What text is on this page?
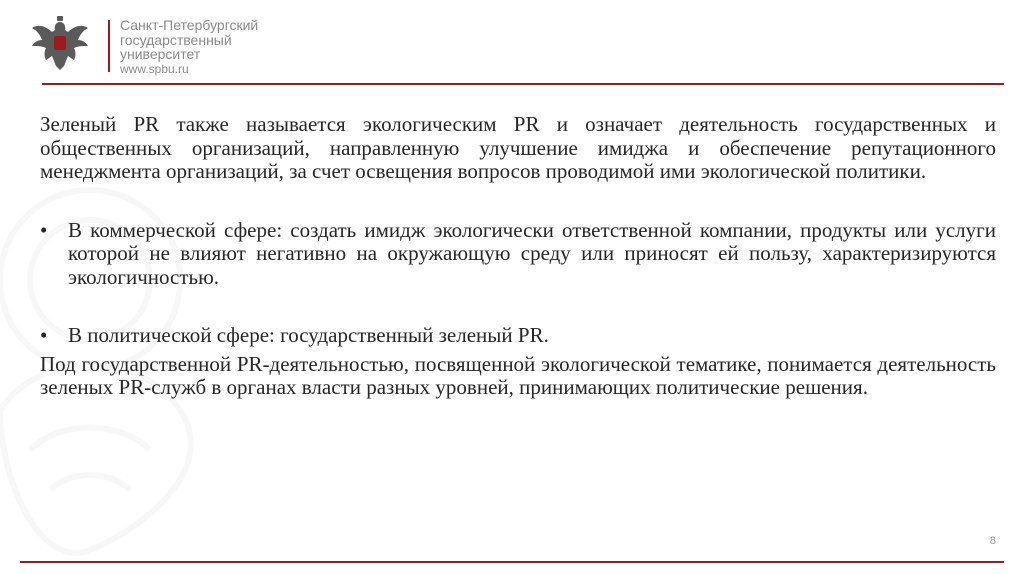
Санкт-Петербургский
государственный
университет
www.spbu.ru

Зеленый PR также называется экологическим PR и означает деятельность государственных и общественных организаций, направленную улучшение имиджа и обеспечение репутационного менеджмента организаций, за счет освещения вопросов проводимой ими экологической политики.

• В коммерческой сфере: создать имидж экологически ответственной компании, продукты или услуги которой не влияют негативно на окружающую среду или приносят ей пользу, характеризируются экологичностью.
• В политической сфере: государственный зеленый PR.

Под государственной PR-деятельностью, посвященной экологической тематике, понимается деятельность зеленых PR-служб в органах власти разных уровней, принимающих политические решения.

8
